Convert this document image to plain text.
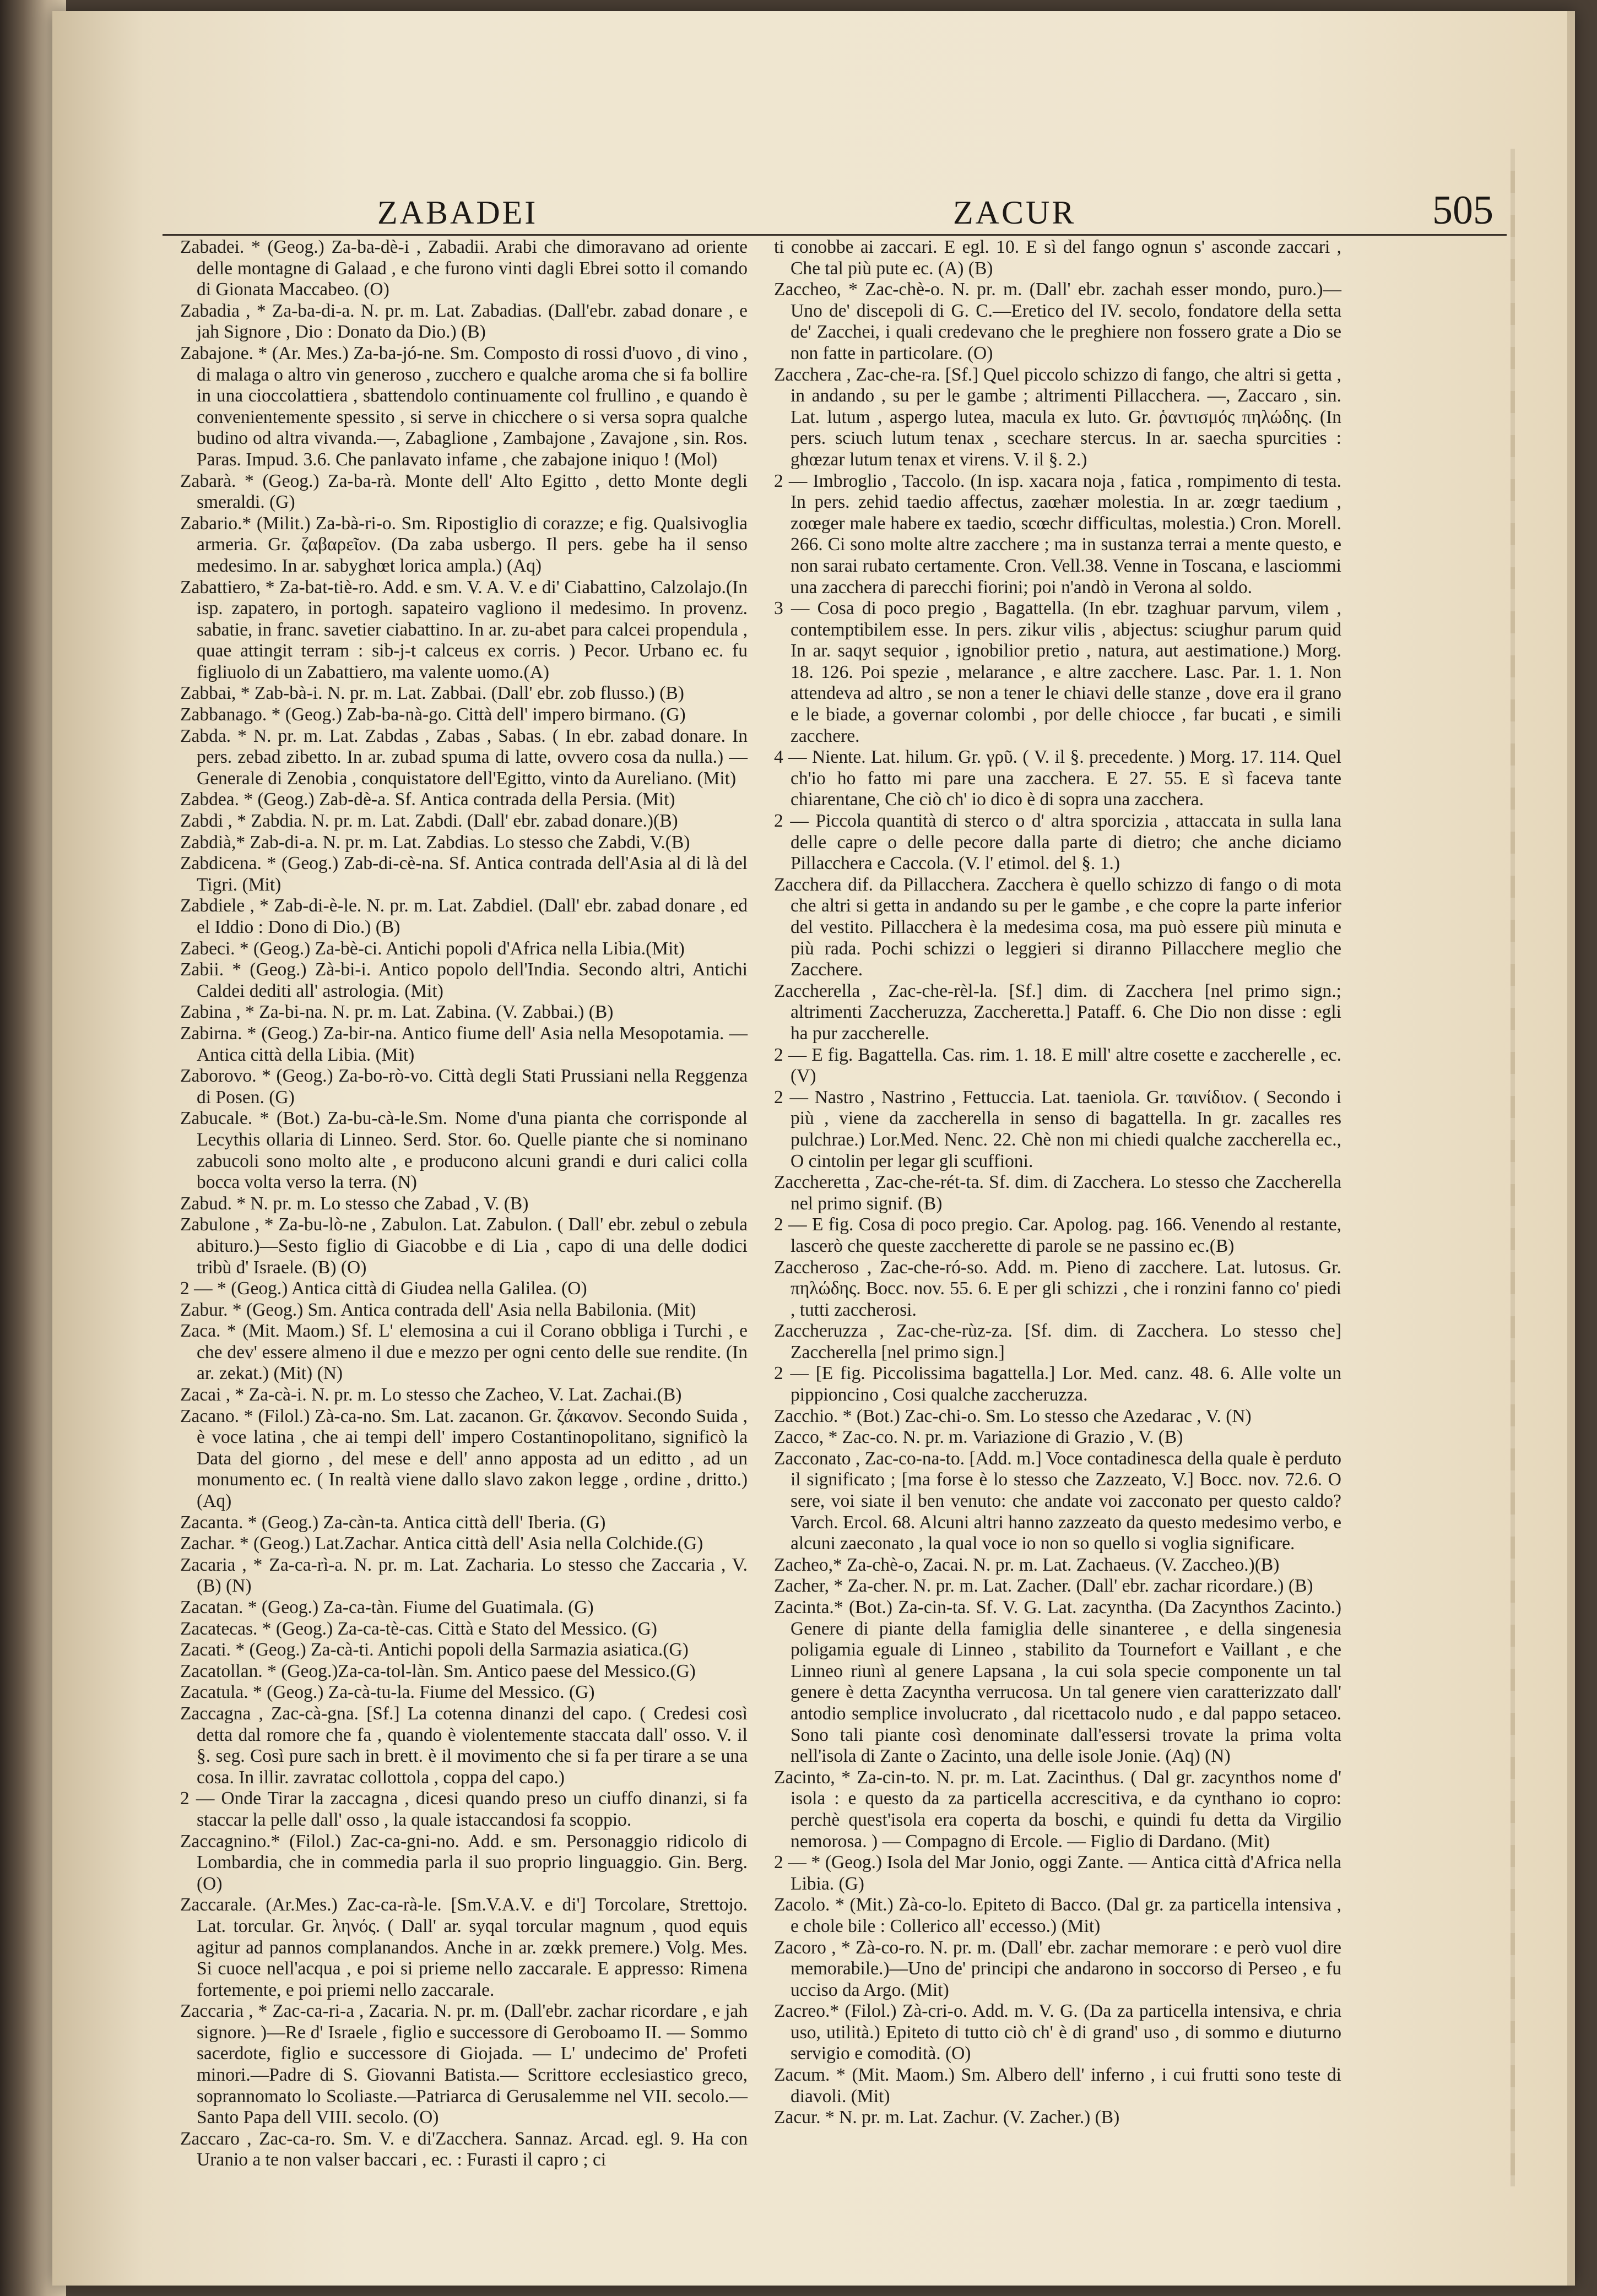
ZABADEI	ZACUR	505

Zabadei. * (Geog.) Za-ba-dè-i , Zabadii. Arabi che dimoravano ad oriente delle montagne di Galaad , e che furono vinti dagli Ebrei sotto il comando di Gionata Maccabeo. (O)

Zabadia , * Za-ba-di-a. N. pr. m. Lat. Zabadias. (Dall'ebr. zabad donare , e jah Signore , Dio : Donato da Dio.) (B)

Zabajone. * (Ar. Mes.) Za-ba-jó-ne. Sm. Composto di rossi d'uovo , di vino , di malaga o altro vin generoso , zucchero e qualche aroma che si fa bollire in una cioccolattiera , sbattendolo continuamente col frullino , e quando è convenientemente spessito , si serve in chicchere o si versa sopra qualche budino od altra vivanda.—, Zabaglione , Zambajone , Zavajone , sin. Ros. Paras. Impud. 3.6. Che panlavato infame , che zabajone iniquo ! (Mol)

Zabarà. * (Geog.) Za-ba-rà. Monte dell' Alto Egitto , detto Monte degli smeraldi. (G)

Zabario.* (Milit.) Za-bà-ri-o. Sm. Ripostiglio di corazze; e fig. Qualsivoglia armeria. Gr. ζαβαρεῖον. (Da zaba usbergo. Il pers. gebe ha il senso medesimo. In ar. sabyghœt lorica ampla.) (Aq)

Zabattiero, * Za-bat-tiè-ro. Add. e sm. V. A. V. e di' Ciabattino, Calzolajo.(In isp. zapatero, in portogh. sapateiro vagliono il medesimo. In provenz. sabatie, in franc. savetier ciabattino. In ar. zu-abet para calcei propendula , quae attingit terram : sib-j-t calceus ex corris. ) Pecor. Urbano ec. fu figliuolo di un Zabattiero, ma valente uomo.(A)

Zabbai, * Zab-bà-i. N. pr. m. Lat. Zabbai. (Dall' ebr. zob flusso.) (B)

Zabbanago. * (Geog.) Zab-ba-nà-go. Città dell' impero birmano. (G)

Zabda. * N. pr. m. Lat. Zabdas , Zabas , Sabas. ( In ebr. zabad donare. In pers. zebad zibetto. In ar. zubad spuma di latte, ovvero cosa da nulla.) — Generale di Zenobia , conquistatore dell'Egitto, vinto da Aureliano. (Mit)

Zabdea. * (Geog.) Zab-dè-a. Sf. Antica contrada della Persia. (Mit)

Zabdi , * Zabdia. N. pr. m. Lat. Zabdi. (Dall' ebr. zabad donare.)(B)

Zabdià,* Zab-di-a. N. pr. m. Lat. Zabdias. Lo stesso che Zabdi, V.(B)

Zabdicena. * (Geog.) Zab-di-cè-na. Sf. Antica contrada dell'Asia al di là del Tigri. (Mit)

Zabdiele , * Zab-di-è-le. N. pr. m. Lat. Zabdiel. (Dall' ebr. zabad donare , ed el Iddio : Dono di Dio.) (B)

Zabeci. * (Geog.) Za-bè-ci. Antichi popoli d'Africa nella Libia.(Mit)

Zabii. * (Geog.) Zà-bi-i. Antico popolo dell'India. Secondo altri, Antichi Caldei dediti all' astrologia. (Mit)

Zabina , * Za-bi-na. N. pr. m. Lat. Zabina. (V. Zabbai.) (B)

Zabirna. * (Geog.) Za-bir-na. Antico fiume dell' Asia nella Mesopotamia. — Antica città della Libia. (Mit)

Zaborovo. * (Geog.) Za-bo-rò-vo. Città degli Stati Prussiani nella Reggenza di Posen. (G)

Zabucale. * (Bot.) Za-bu-cà-le.Sm. Nome d'una pianta che corrisponde al Lecythis ollaria di Linneo. Serd. Stor. 6o. Quelle piante che si nominano zabucoli sono molto alte , e producono alcuni grandi e duri calici colla bocca volta verso la terra. (N)

Zabud. * N. pr. m. Lo stesso che Zabad , V. (B)

Zabulone , * Za-bu-lò-ne , Zabulon. Lat. Zabulon. ( Dall' ebr. zebul o zebula abituro.)—Sesto figlio di Giacobbe e di Lia , capo di una delle dodici tribù d' Israele. (B) (O)

2 — * (Geog.) Antica città di Giudea nella Galilea. (O)

Zabur. * (Geog.) Sm. Antica contrada dell' Asia nella Babilonia. (Mit)

Zaca. * (Mit. Maom.) Sf. L' elemosina a cui il Corano obbliga i Turchi , e che dev' essere almeno il due e mezzo per ogni cento delle sue rendite. (In ar. zekat.) (Mit) (N)

Zacai , * Za-cà-i. N. pr. m. Lo stesso che Zacheo, V. Lat. Zachai.(B)

Zacano. * (Filol.) Zà-ca-no. Sm. Lat. zacanon. Gr. ζάκανον. Secondo Suida , è voce latina , che ai tempi dell' impero Costantinopolitano, significò la Data del giorno , del mese e dell' anno apposta ad un editto , ad un monumento ec. ( In realtà viene dallo slavo zakon legge , ordine , dritto.) (Aq)

Zacanta. * (Geog.) Za-càn-ta. Antica città dell' Iberia. (G)

Zachar. * (Geog.) Lat.Zachar. Antica città dell' Asia nella Colchide.(G)

Zacaria , * Za-ca-rì-a. N. pr. m. Lat. Zacharia. Lo stesso che Zaccaria , V. (B) (N)

Zacatan. * (Geog.) Za-ca-tàn. Fiume del Guatimala. (G)

Zacatecas. * (Geog.) Za-ca-tè-cas. Città e Stato del Messico. (G)

Zacati. * (Geog.) Za-cà-ti. Antichi popoli della Sarmazia asiatica.(G)

Zacatollan. * (Geog.)Za-ca-tol-làn. Sm. Antico paese del Messico.(G)

Zacatula. * (Geog.) Za-cà-tu-la. Fiume del Messico. (G)

Zaccagna , Zac-cà-gna. [Sf.] La cotenna dinanzi del capo. ( Credesi così detta dal romore che fa , quando è violentemente staccata dall' osso. V. il §. seg. Così pure sach in brett. è il movimento che si fa per tirare a se una cosa. In illir. zavratac collottola , coppa del capo.)

2 — Onde Tirar la zaccagna , dicesi quando preso un ciuffo dinanzi, si fa staccar la pelle dall' osso , la quale istaccandosi fa scoppio.

Zaccagnino.* (Filol.) Zac-ca-gni-no. Add. e sm. Personaggio ridicolo di Lombardia, che in commedia parla il suo proprio linguaggio. Gin. Berg. (O)

Zaccarale. (Ar.Mes.) Zac-ca-rà-le. [Sm.V.A.V. e di'] Torcolare, Strettojo. Lat. torcular. Gr. ληνός. ( Dall' ar. syqal torcular magnum , quod equis agitur ad pannos complanandos. Anche in ar. zœkk premere.) Volg. Mes. Si cuoce nell'acqua , e poi si prieme nello zaccarale. E appresso: Rimena fortemente, e poi priemi nello zaccarale.

Zaccaria , * Zac-ca-ri-a , Zacaria. N. pr. m. (Dall'ebr. zachar ricordare , e jah signore. )—Re d' Israele , figlio e successore di Geroboamo II. — Sommo sacerdote, figlio e successore di Giojada. — L' undecimo de' Profeti minori.—Padre di S. Giovanni Batista.— Scrittore ecclesiastico greco, soprannomato lo Scoliaste.—Patriarca di Gerusalemme nel VII. secolo.—Santo Papa dell VIII. secolo. (O)

Zaccaro , Zac-ca-ro. Sm. V. e di'Zacchera. Sannaz. Arcad. egl. 9. Ha con Uranio a te non valser baccari , ec. : Furasti il capro ; ci

ti conobbe ai zaccari. E egl. 10. E sì del fango ognun s' asconde zaccari , Che tal più pute ec. (A) (B)

Zaccheo, * Zac-chè-o. N. pr. m. (Dall' ebr. zachah esser mondo, puro.)— Uno de' discepoli di G. C.—Eretico del IV. secolo, fondatore della setta de' Zacchei, i quali credevano che le preghiere non fossero grate a Dio se non fatte in particolare. (O)

Zacchera , Zac-che-ra. [Sf.] Quel piccolo schizzo di fango, che altri si getta , in andando , su per le gambe ; altrimenti Pillacchera. —, Zaccaro , sin. Lat. lutum , aspergo lutea, macula ex luto. Gr. ῥαντισμός πηλώδης. (In pers. sciuch lutum tenax , scechare stercus. In ar. saecha spurcities : ghœzar lutum tenax et virens. V. il §. 2.)

2 — Imbroglio , Taccolo. (In isp. xacara noja , fatica , rompimento di testa. In pers. zehid taedio affectus, zaœhær molestia. In ar. zœgr taedium , zoœger male habere ex taedio, scœchr difficultas, molestia.) Cron. Morell. 266. Ci sono molte altre zacchere ; ma in sustanza terrai a mente questo, e non sarai rubato certamente. Cron. Vell.38. Venne in Toscana, e lasciommi una zacchera di parecchi fiorini; poi n'andò in Verona al soldo.

3 — Cosa di poco pregio , Bagattella. (In ebr. tzaghuar parvum, vilem , contemptibilem esse. In pers. zikur vilis , abjectus: sciughur parum quid In ar. saqyt sequior , ignobilior pretio , natura, aut aestimatione.) Morg. 18. 126. Poi spezie , melarance , e altre zacchere. Lasc. Par. 1. 1. Non attendeva ad altro , se non a tener le chiavi delle stanze , dove era il grano e le biade, a governar colombi , por delle chiocce , far bucati , e simili zacchere.

4 — Niente. Lat. hilum. Gr. γρῦ. ( V. il §. precedente. ) Morg. 17. 114. Quel ch'io ho fatto mi pare una zacchera. E 27. 55. E sì faceva tante chiarentane, Che ciò ch' io dico è di sopra una zacchera.

2 — Piccola quantità di sterco o d' altra sporcizia , attaccata in sulla lana delle capre o delle pecore dalla parte di dietro; che anche diciamo Pillacchera e Caccola. (V. l' etimol. del §. 1.)

Zacchera dif. da Pillacchera. Zacchera è quello schizzo di fango o di mota che altri si getta in andando su per le gambe , e che copre la parte inferior del vestito. Pillacchera è la medesima cosa, ma può essere più minuta e più rada. Pochi schizzi o leggieri si diranno Pillacchere meglio che Zacchere.

Zaccherella , Zac-che-rèl-la. [Sf.] dim. di Zacchera [nel primo sign.; altrimenti Zaccheruzza, Zaccheretta.] Pataff. 6. Che Dio non disse : egli ha pur zaccherelle.

2 — E fig. Bagattella. Cas. rim. 1. 18. E mill' altre cosette e zaccherelle , ec. (V)

2 — Nastro , Nastrino , Fettuccia. Lat. taeniola. Gr. ταινίδιον. ( Secondo i più , viene da zaccherella in senso di bagattella. In gr. zacalles res pulchrae.) Lor.Med. Nenc. 22. Chè non mi chiedi qualche zaccherella ec., O cintolin per legar gli scuffioni.

Zaccheretta , Zac-che-rét-ta. Sf. dim. di Zacchera. Lo stesso che Zaccherella nel primo signif. (B)

2 — E fig. Cosa di poco pregio. Car. Apolog. pag. 166. Venendo al restante, lascerò che queste zaccherette di parole se ne passino ec.(B)

Zaccheroso , Zac-che-ró-so. Add. m. Pieno di zacchere. Lat. lutosus. Gr. πηλώδης. Bocc. nov. 55. 6. E per gli schizzi , che i ronzini fanno co' piedi , tutti zaccherosi.

Zaccheruzza , Zac-che-rùz-za. [Sf. dim. di Zacchera. Lo stesso che] Zaccherella [nel primo sign.]

2 — [E fig. Piccolissima bagattella.] Lor. Med. canz. 48. 6. Alle volte un pippioncino , Cosi qualche zaccheruzza.

Zacchio. * (Bot.) Zac-chi-o. Sm. Lo stesso che Azedarac , V. (N)

Zacco, * Zac-co. N. pr. m. Variazione di Grazio , V. (B)

Zacconato , Zac-co-na-to. [Add. m.] Voce contadinesca della quale è perduto il significato ; [ma forse è lo stesso che Zazzeato, V.] Bocc. nov. 72.6. O sere, voi siate il ben venuto: che andate voi zacconato per questo caldo? Varch. Ercol. 68. Alcuni altri hanno zazzeato da questo medesimo verbo, e alcuni zaeconato , la qual voce io non so quello si voglia significare.

Zacheo,* Za-chè-o, Zacai. N. pr. m. Lat. Zachaeus. (V. Zaccheo.)(B)

Zacher, * Za-cher. N. pr. m. Lat. Zacher. (Dall' ebr. zachar ricordare.) (B)

Zacinta.* (Bot.) Za-cin-ta. Sf. V. G. Lat. zacyntha. (Da Zacynthos Zacinto.) Genere di piante della famiglia delle sinanteree , e della singenesia poligamia eguale di Linneo , stabilito da Tournefort e Vaillant , e che Linneo riunì al genere Lapsana , la cui sola specie componente un tal genere è detta Zacyntha verrucosa. Un tal genere vien caratterizzato dall' antodio semplice involucrato , dal ricettacolo nudo , e dal pappo setaceo. Sono tali piante così denominate dall'essersi trovate la prima volta nell'isola di Zante o Zacinto, una delle isole Jonie. (Aq) (N)

Zacinto, * Za-cin-to. N. pr. m. Lat. Zacinthus. ( Dal gr. zacynthos nome d' isola : e questo da za particella accrescitiva, e da cynthano io copro: perchè quest'isola era coperta da boschi, e quindi fu detta da Virgilio nemorosa. ) — Compagno di Ercole. — Figlio di Dardano. (Mit)

2 — * (Geog.) Isola del Mar Jonio, oggi Zante. — Antica città d'Africa nella Libia. (G)

Zacolo. * (Mit.) Zà-co-lo. Epiteto di Bacco. (Dal gr. za particella intensiva , e chole bile : Collerico all' eccesso.) (Mit)

Zacoro , * Zà-co-ro. N. pr. m. (Dall' ebr. zachar memorare : e però vuol dire memorabile.)—Uno de' principi che andarono in soccorso di Perseo , e fu ucciso da Argo. (Mit)

Zacreo.* (Filol.) Zà-cri-o. Add. m. V. G. (Da za particella intensiva, e chria uso, utilità.) Epiteto di tutto ciò ch' è di grand' uso , di sommo e diuturno servigio e comodità. (O)

Zacum. * (Mit. Maom.) Sm. Albero dell' inferno , i cui frutti sono teste di diavoli. (Mit)

Zacur. * N. pr. m. Lat. Zachur. (V. Zacher.) (B)
